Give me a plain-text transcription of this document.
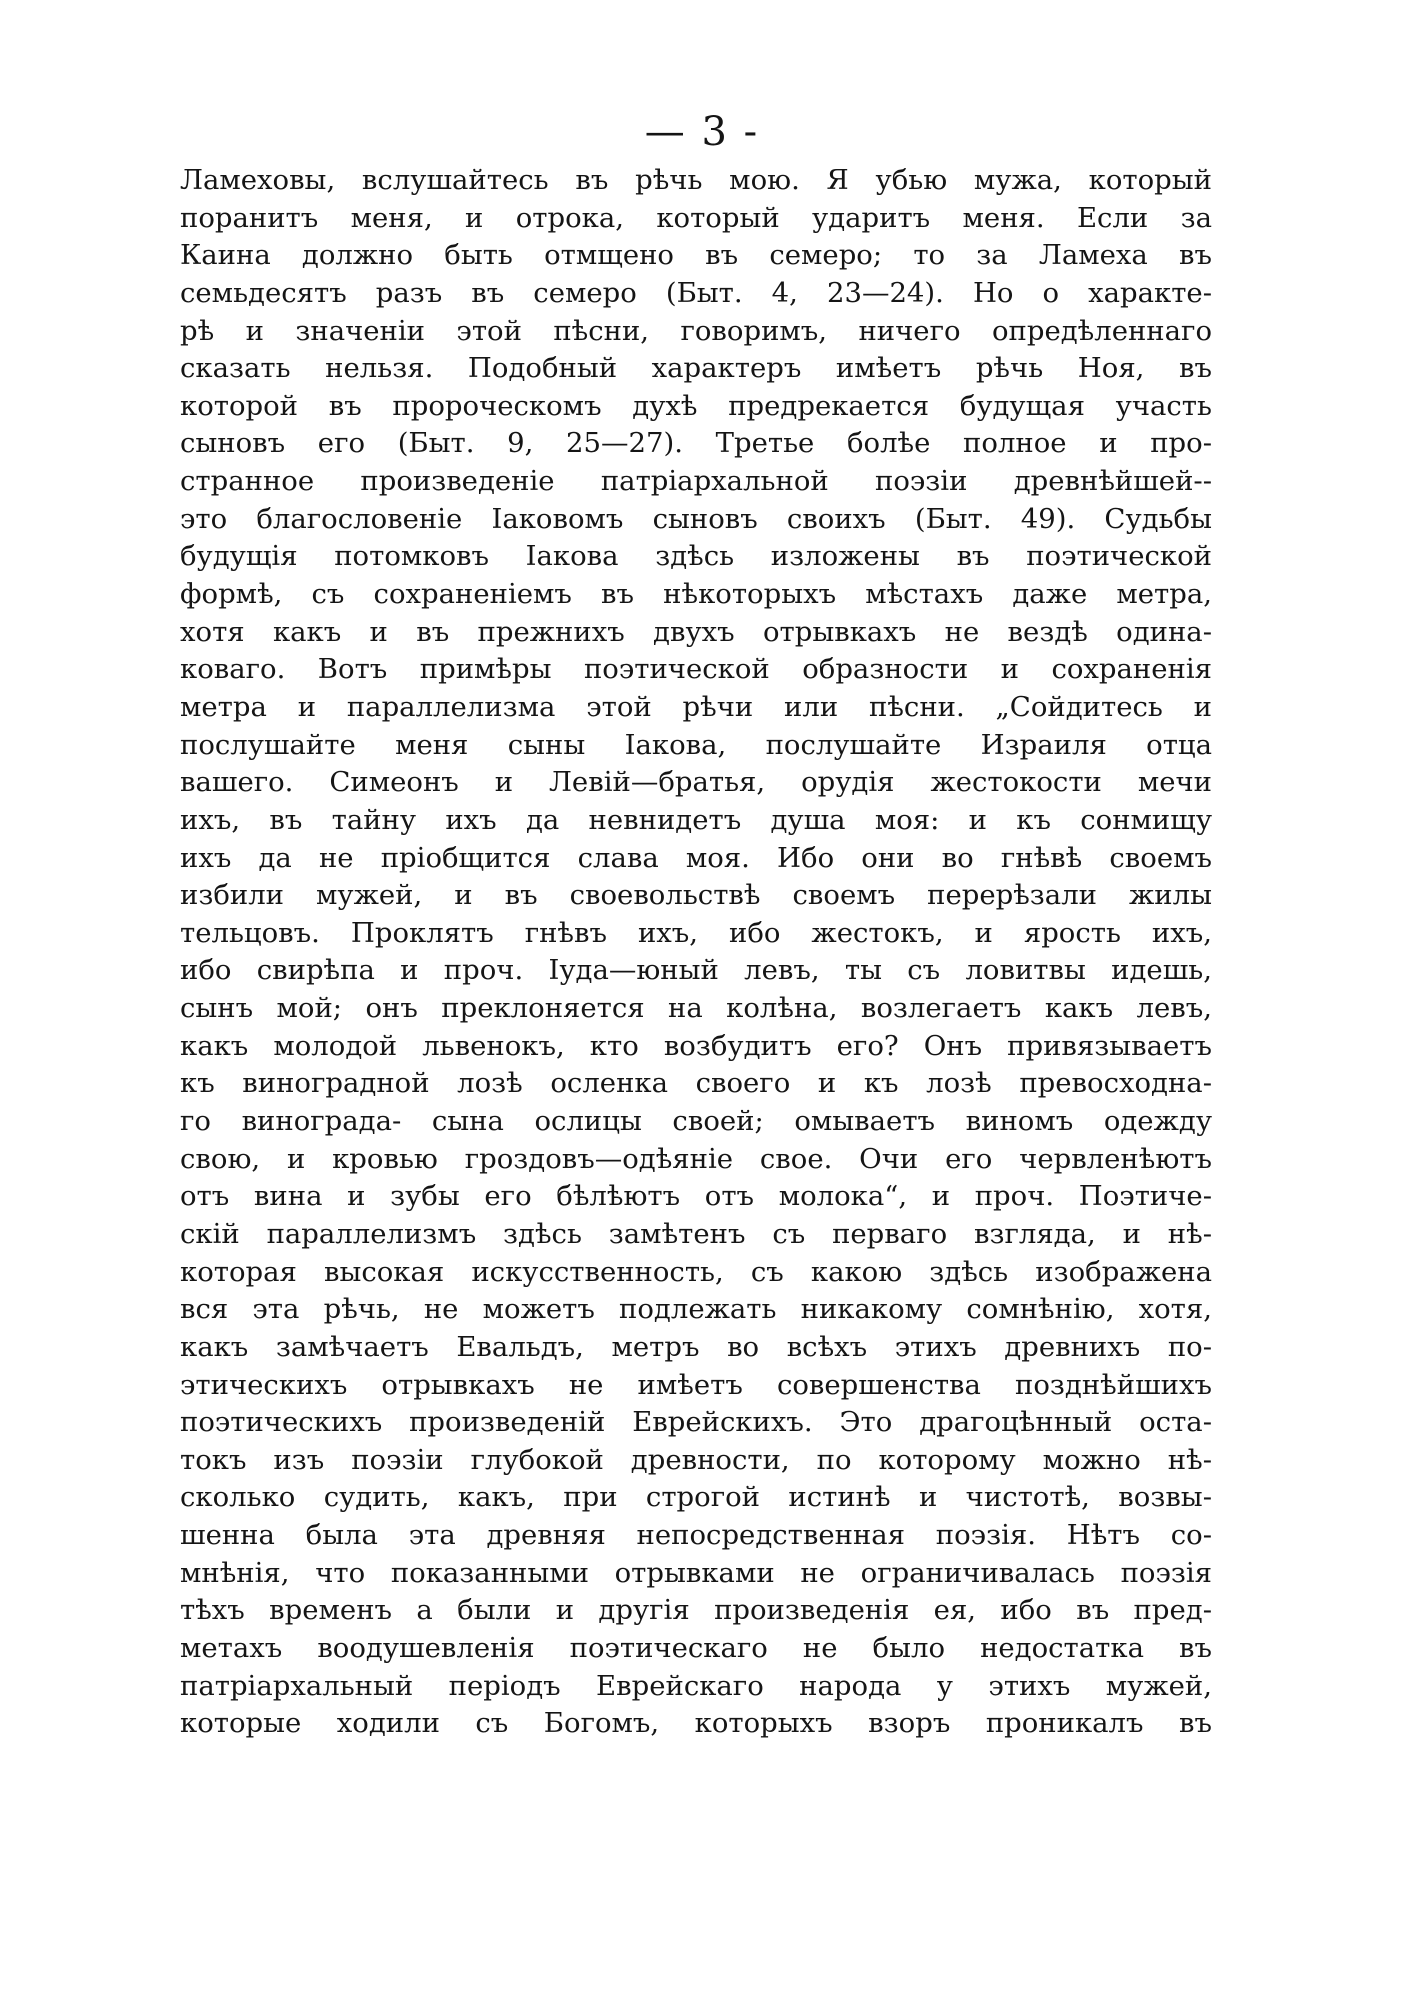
— 3 -
Ламеховы, вслушайтесь въ рѣчь мою. Я убью мужа, который
поранитъ меня, и отрока, который ударитъ меня. Если за
Каина должно быть отмщено въ семеро; то за Ламеха въ
семьдесятъ разъ въ семеро (Быт. 4, 23—24). Но о характе-
рѣ и значеніи этой пѣсни, говоримъ, ничего опредѣленнаго
сказать нельзя. Подобный характеръ имѣетъ рѣчь Ноя, въ
которой въ пророческомъ духѣ предрекается будущая участь
сыновъ его (Быт. 9, 25—27). Третье болѣе полное и про-
странное произведеніе патріархальной поэзіи древнѣйшей--
это благословеніе Іаковомъ сыновъ своихъ (Быт. 49). Судьбы
будущія потомковъ Іакова здѣсь изложены въ поэтической
формѣ, съ сохраненіемъ въ нѣкоторыхъ мѣстахъ даже метра,
хотя какъ и въ прежнихъ двухъ отрывкахъ не вездѣ одина-
коваго. Вотъ примѣры поэтической образности и сохраненія
метра и параллелизма этой рѣчи или пѣсни. „Сойдитесь и
послушайте меня сыны Іакова, послушайте Израиля отца
вашего. Симеонъ и Левій—братья, орудія жестокости мечи
ихъ, въ тайну ихъ да невнидетъ душа моя: и къ сонмищу
ихъ да не пріобщится слава моя. Ибо они во гнѣвѣ своемъ
избили мужей, и въ своевольствѣ своемъ перерѣзали жилы
тельцовъ. Проклятъ гнѣвъ ихъ, ибо жестокъ, и ярость ихъ,
ибо свирѣпа и проч. Іуда—юный левъ, ты съ ловитвы идешь,
сынъ мой; онъ преклоняется на колѣна, возлегаетъ какъ левъ,
какъ молодой львенокъ, кто возбудитъ его? Онъ привязываетъ
къ виноградной лозѣ осленка своего и къ лозѣ превосходна-
го винограда- сына ослицы своей; омываетъ виномъ одежду
свою, и кровью гроздовъ—одѣяніе свое. Очи его червленѣютъ
отъ вина и зубы его бѣлѣютъ отъ молока“, и проч. Поэтиче-
скій параллелизмъ здѣсь замѣтенъ съ перваго взгляда, и нѣ-
которая высокая искусственность, съ какою здѣсь изображена
вся эта рѣчь, не можетъ подлежать никакому сомнѣнію, хотя,
какъ замѣчаетъ Евальдъ, метръ во всѣхъ этихъ древнихъ по-
этическихъ отрывкахъ не имѣетъ совершенства позднѣйшихъ
поэтическихъ произведеній Еврейскихъ. Это драгоцѣнный оста-
токъ изъ поэзіи глубокой древности, по которому можно нѣ-
сколько судить, какъ, при строгой истинѣ и чистотѣ, возвы-
шенна была эта древняя непосредственная поэзія. Нѣтъ со-
мнѣнія, что показанными отрывками не ограничивалась поэзія
тѣхъ временъ а были и другія произведенія ея, ибо въ пред-
метахъ воодушевленія поэтическаго не было недостатка въ
патріархальный періодъ Еврейскаго народа у этихъ мужей,
которые ходили съ Богомъ, которыхъ взоръ проникалъ въ
